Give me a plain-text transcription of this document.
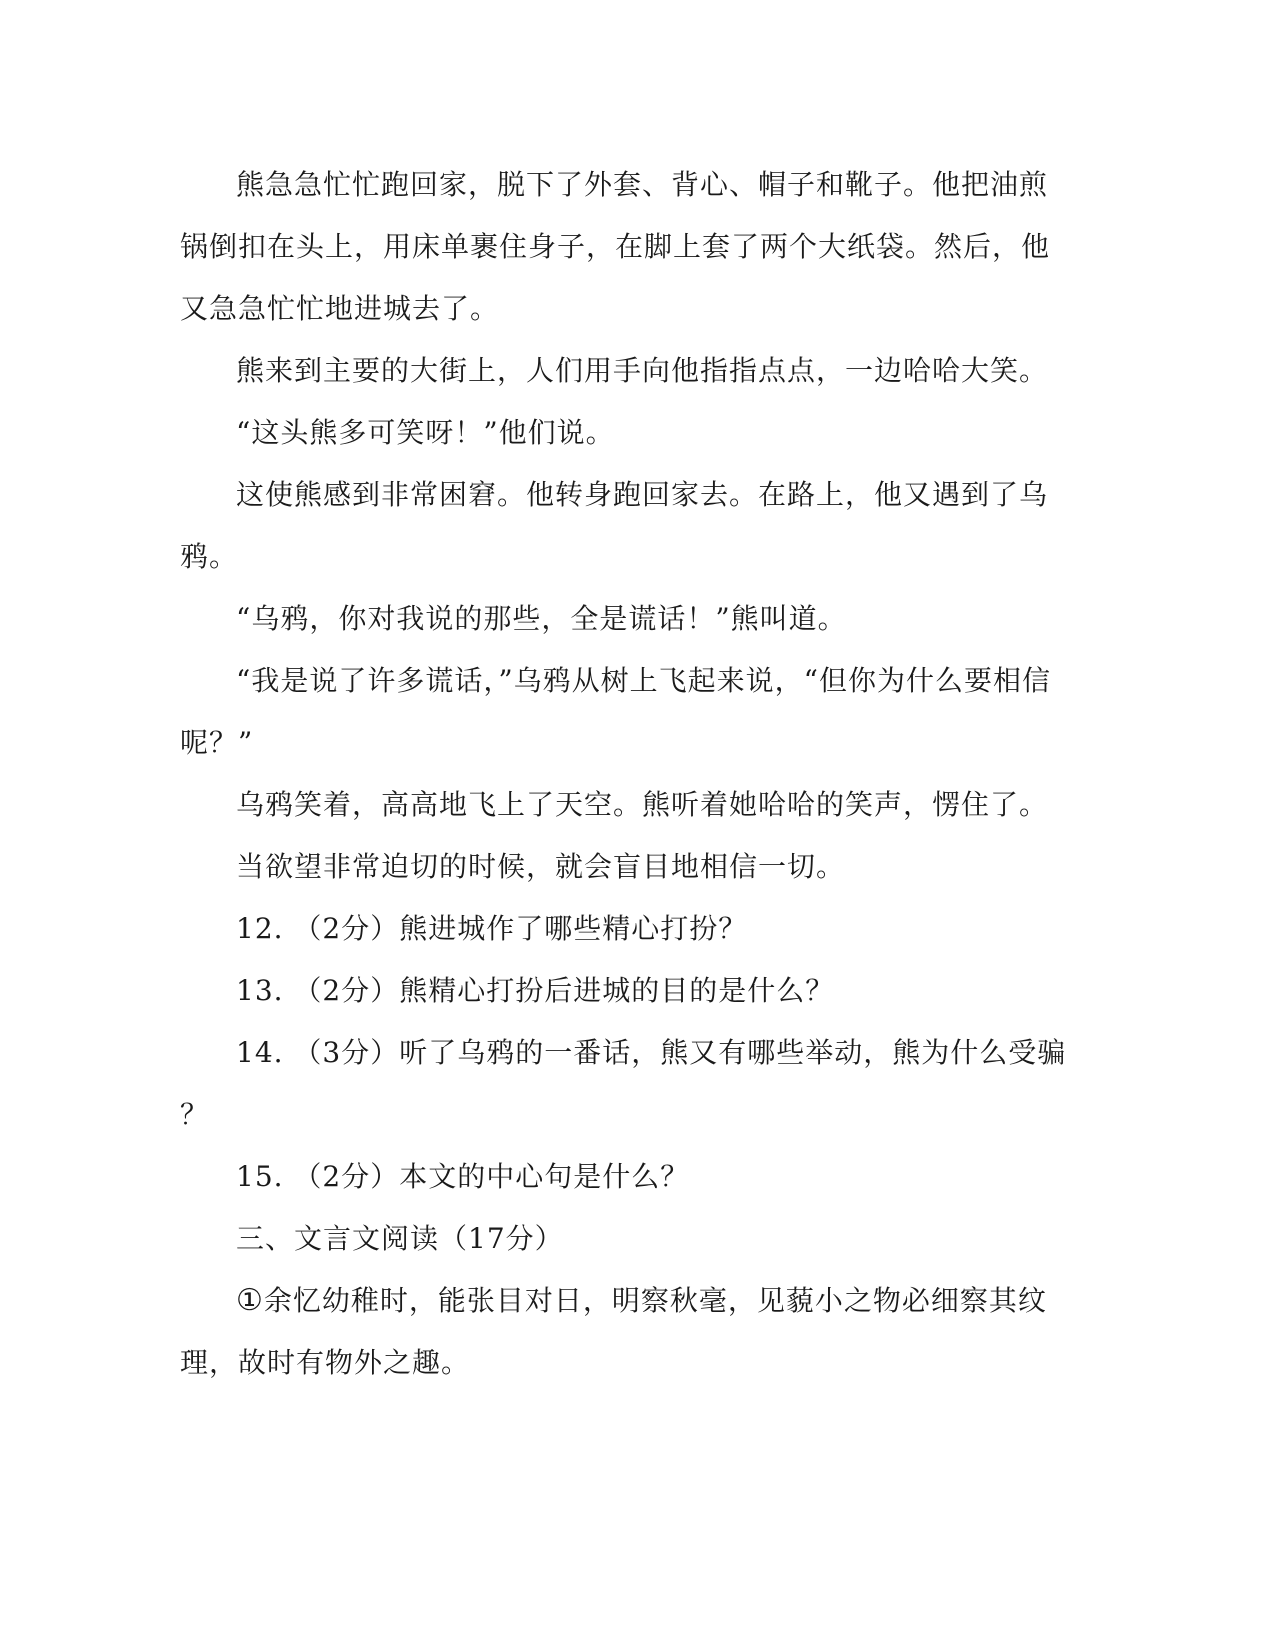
熊急急忙忙跑回家，脱下了外套、背心、帽子和靴子。他把油煎
锅倒扣在头上，用床单裹住身子，在脚上套了两个大纸袋。然后，他
又急急忙忙地进城去了。
熊来到主要的大街上，人们用手向他指指点点，一边哈哈大笑。
“这头熊多可笑呀！”他们说。
这使熊感到非常困窘。他转身跑回家去。在路上，他又遇到了乌
鸦。
“乌鸦，你对我说的那些，全是谎话！”熊叫道。
“我是说了许多谎话，”乌鸦从树上飞起来说，“但你为什么要相信
呢？”
乌鸦笑着，高高地飞上了天空。熊听着她哈哈的笑声，愣住了。
当欲望非常迫切的时候，就会盲目地相信一切。
12. （2分）熊进城作了哪些精心打扮？
13. （2分）熊精心打扮后进城的目的是什么？
14. （3分）听了乌鸦的一番话，熊又有哪些举动，熊为什么受骗
？
15. （2分）本文的中心句是什么？
三、文言文阅读（17分）
①余忆幼稚时，能张目对日，明察秋毫，见藐小之物必细察其纹
理，故时有物外之趣。
